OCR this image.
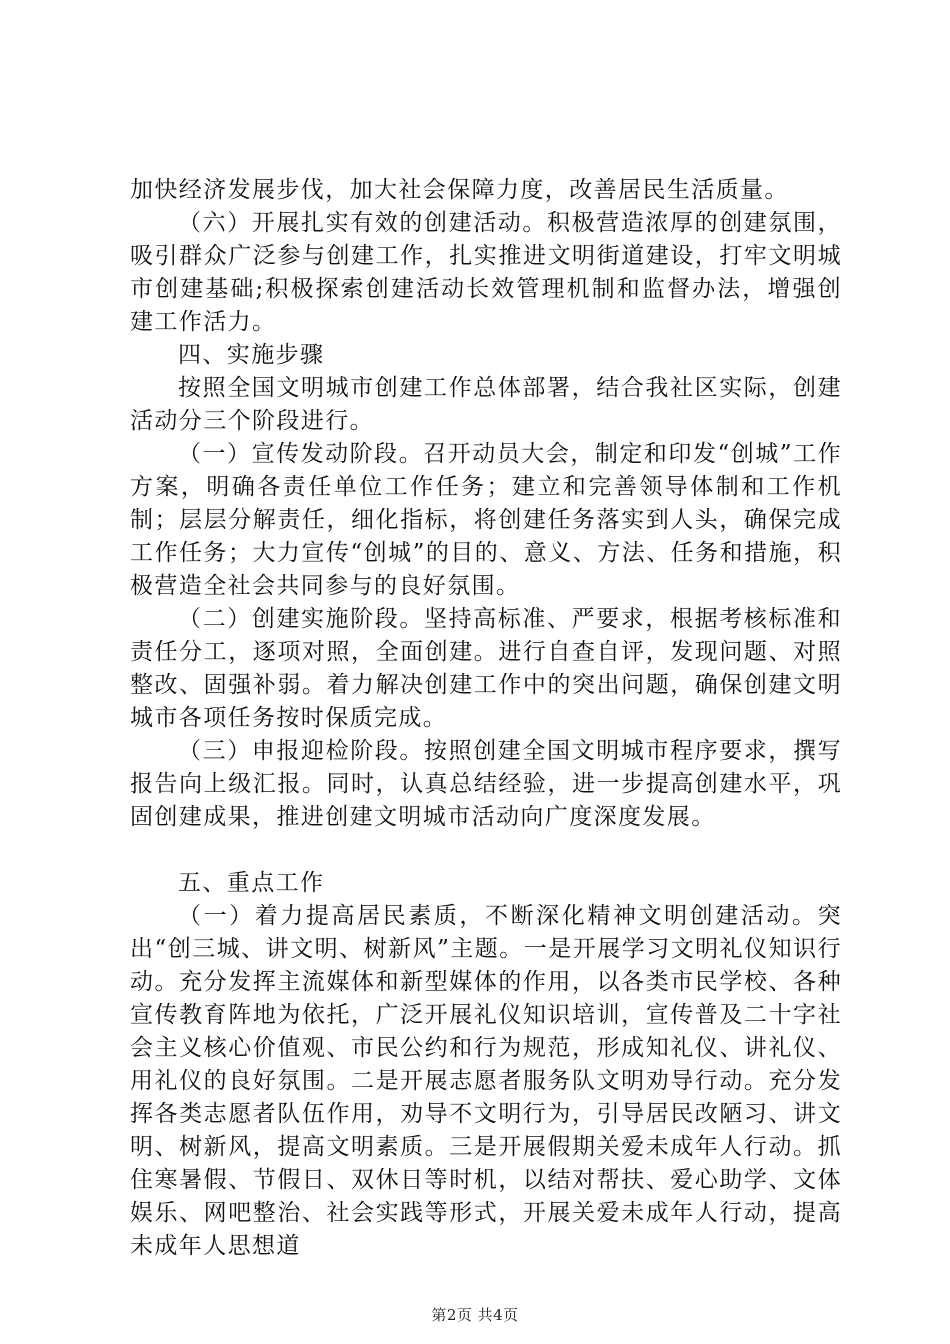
加快经济发展步伐，加大社会保障力度，改善居民生活质量。

（六）开展扎实有效的创建活动。积极营造浓厚的创建氛围，吸引群众广泛参与创建工作，扎实推进文明街道建设，打牢文明城市创建基础;积极探索创建活动长效管理机制和监督办法，增强创建工作活力。

四、实施步骤

按照全国文明城市创建工作总体部署，结合我社区实际，创建活动分三个阶段进行。

（一）宣传发动阶段。召开动员大会，制定和印发“创城”工作方案，明确各责任单位工作任务；建立和完善领导体制和工作机制；层层分解责任，细化指标，将创建任务落实到人头，确保完成工作任务；大力宣传“创城”的目的、意义、方法、任务和措施，积极营造全社会共同参与的良好氛围。

（二）创建实施阶段。坚持高标准、严要求，根据考核标准和责任分工，逐项对照，全面创建。进行自查自评，发现问题、对照整改、固强补弱。着力解决创建工作中的突出问题，确保创建文明城市各项任务按时保质完成。

（三）申报迎检阶段。按照创建全国文明城市程序要求，撰写报告向上级汇报。同时，认真总结经验，进一步提高创建水平，巩固创建成果，推进创建文明城市活动向广度深度发展。

五、重点工作

（一）着力提高居民素质，不断深化精神文明创建活动。突出“创三城、讲文明、树新风”主题。一是开展学习文明礼仪知识行动。充分发挥主流媒体和新型媒体的作用，以各类市民学校、各种宣传教育阵地为依托，广泛开展礼仪知识培训，宣传普及二十字社会主义核心价值观、市民公约和行为规范，形成知礼仪、讲礼仪、用礼仪的良好氛围。二是开展志愿者服务队文明劝导行动。充分发挥各类志愿者队伍作用，劝导不文明行为，引导居民改陋习、讲文明、树新风，提高文明素质。三是开展假期关爱未成年人行动。抓住寒暑假、节假日、双休日等时机，以结对帮扶、爱心助学、文体娱乐、网吧整治、社会实践等形式，开展关爱未成年人行动，提高未成年人思想道

第2页 共4页
